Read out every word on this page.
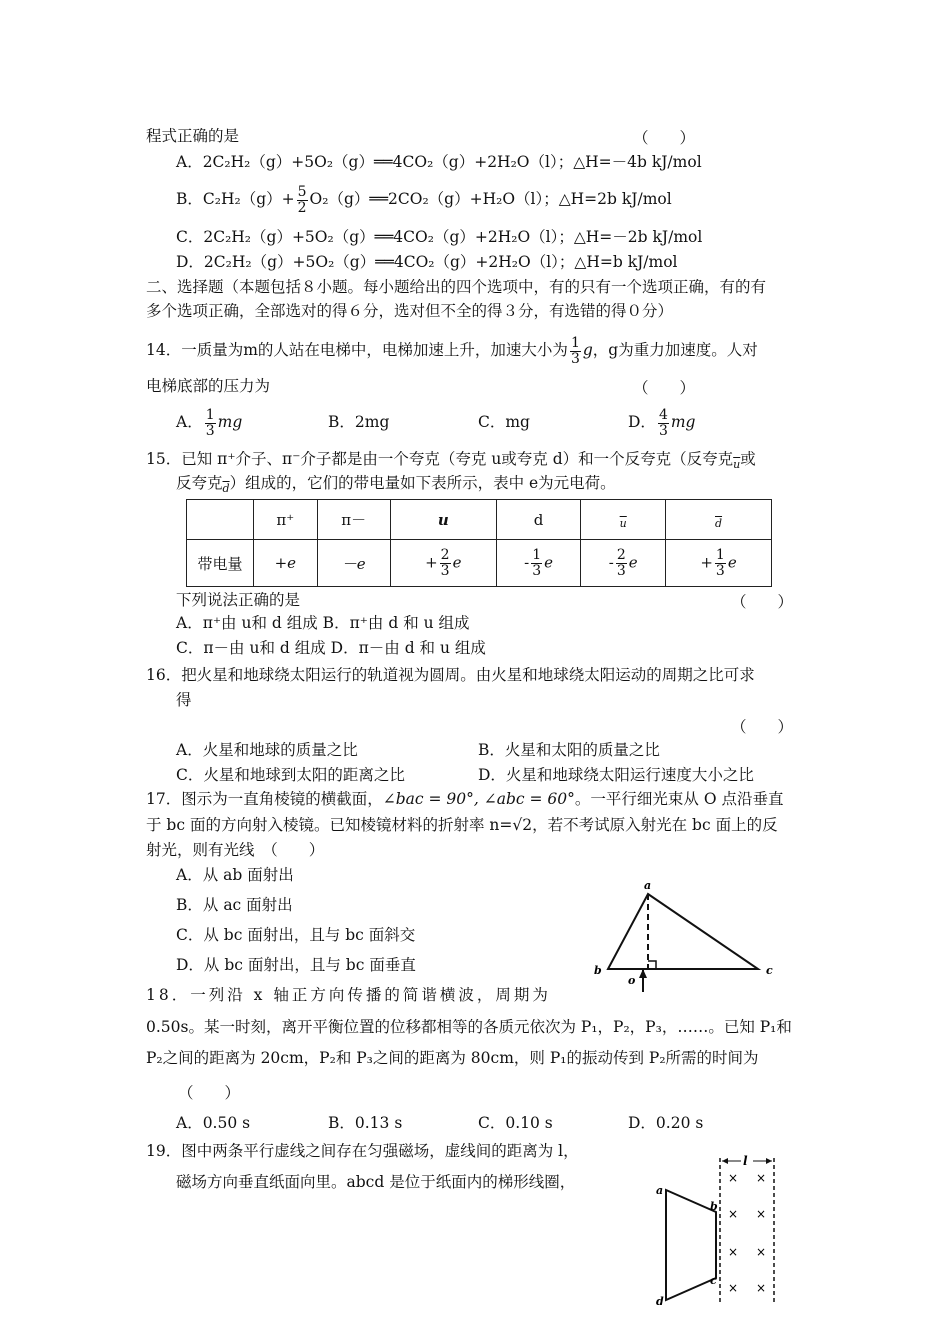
程式正确的是	（　　）
A．2C₂H₂（g）+5O₂（g）══4CO₂（g）+2H₂O（l）；△H=－4b kJ/mol
B．$C_2H_2(g)+ \frac{5}{2}$ O₂（g）══2CO₂（g）+H₂O（l）；△H=2b kJ/mol
C．2C₂H₂（g）+5O₂（g）══4CO₂（g）+2H₂O（l）；△H=－2b kJ/mol
D．2C₂H₂（g）+5O₂（g）══4CO₂（g）+2H₂O（l）；△H=b kJ/mol
二、选择题（本题包括８小题。每小题给出的四个选项中，有的只有一个选项正确，有的有
多个选项正确，全部选对的得６分，选对但不全的得３分，有选错的得０分）
14．一质量为m的人站在电梯中，电梯加速上升，加速大小为 $\frac{1}{3}$ g，g为重力加速度。人对
电梯底部的压力为	（　　）
A． $\frac{1}{3}$ mg	B．2mg	C．mg	D． $\frac{4}{3}$ mg
15．已知 π⁺介子、π⁻介子都是由一个夸克（夸克 u或夸克 d）和一个反夸克（反夸克$_{\overline{u}}$或
反夸克$_{\overline{d}}$）组成的，它们的带电量如下表所示，表中 e为元电荷。
	π⁺	π－	u	d	$_{\overline{u}}$	$_{\overline{d}}$
带电量	+e	－e	+ $\frac{2}{3}$ e	- $\frac{1}{3}$ e	- $\frac{2}{3}$ e	+ $\frac{1}{3}$ e
下列说法正确的是	（　　）
A．π⁺由 u和 d 组成 B．π⁺由 d 和 u 组成
C．π－由 u和 d 组成 D．π－由 d 和 u 组成
16．把火星和地球绕太阳运行的轨道视为圆周。由火星和地球绕太阳运动的周期之比可求
得
（　　）
A．火星和地球的质量之比	B．火星和太阳的质量之比
C．火星和地球到太阳的距离之比	D．火星和地球绕太阳运行速度大小之比
17．图示为一直角棱镜的横截面，∠bac = 90°, ∠abc = 60°。一平行细光束从 O 点沿垂直
于 bc 面的方向射入棱镜。已知棱镜材料的折射率 n=√2，若不考试原入射光在 bc 面上的反
射光，则有光线　（　　）
A．从 ab 面射出
B．从 ac 面射出
C．从 bc 面射出，且与 bc 面斜交
D．从 bc 面射出，且与 bc 面垂直
a
b	c
o
18．一列沿 x 轴正方向传播的简谐横波，周期为
0.50s。某一时刻，离开平衡位置的位移都相等的各质元依次为 P₁，P₂，P₃，……。已知 P₁和
P₂之间的距离为 20cm，P₂和 P₃之间的距离为 80cm，则 P₁的振动传到 P₂所需的时间为
（　　）
A．0.50 s	B．0.13 s	C．0.10 s	D．0.20 s
19．图中两条平行虚线之间存在匀强磁场，虚线间的距离为 l，
磁场方向垂直纸面向里。abcd 是位于纸面内的梯形线圈，
l
a
b
c
d
× ×
× ×
× ×
× ×
